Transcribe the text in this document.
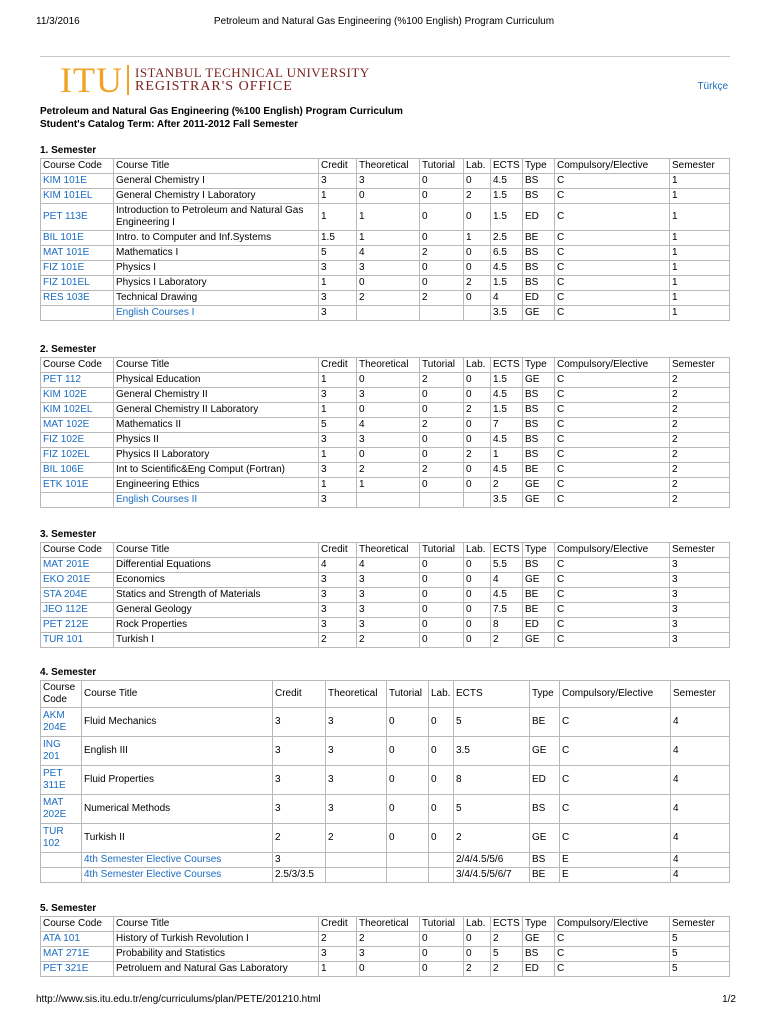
11/3/2016	Petroleum and Natural Gas Engineering (%100 English) Program Curriculum
ITU ISTANBUL TECHNICAL UNIVERSITY
REGISTRAR'S OFFICE	Türkçe
Petroleum and Natural Gas Engineering (%100 English) Program Curriculum
Student's Catalog Term: After 2011-2012 Fall Semester
1. Semester
Course Code	Course Title	Credit	Theoretical	Tutorial	Lab.	ECTS	Type	Compulsory/Elective	Semester
KIM 101E	General Chemistry I	3	3	0	0	4.5	BS	C	1
KIM 101EL	General Chemistry I Laboratory	1	0	0	2	1.5	BS	C	1
PET 113E	Introduction to Petroleum and Natural Gas Engineering I	1	1	0	0	1.5	ED	C	1
BIL 101E	Intro. to Computer and Inf.Systems	1.5	1	0	1	2.5	BE	C	1
MAT 101E	Mathematics I	5	4	2	0	6.5	BS	C	1
FIZ 101E	Physics I	3	3	0	0	4.5	BS	C	1
FIZ 101EL	Physics I Laboratory	1	0	0	2	1.5	BS	C	1
RES 103E	Technical Drawing	3	2	2	0	4	ED	C	1
	English Courses I	3				3.5	GE	C	1
2. Semester
Course Code	Course Title	Credit	Theoretical	Tutorial	Lab.	ECTS	Type	Compulsory/Elective	Semester
PET 112	Physical Education	1	0	2	0	1.5	GE	C	2
KIM 102E	General Chemistry II	3	3	0	0	4.5	BS	C	2
KIM 102EL	General Chemistry II Laboratory	1	0	0	2	1.5	BS	C	2
MAT 102E	Mathematics II	5	4	2	0	7	BS	C	2
FIZ 102E	Physics II	3	3	0	0	4.5	BS	C	2
FIZ 102EL	Physics II Laboratory	1	0	0	2	1	BS	C	2
BIL 106E	Int to Scientific&Eng Comput (Fortran)	3	2	2	0	4.5	BE	C	2
ETK 101E	Engineering Ethics	1	1	0	0	2	GE	C	2
	English Courses II	3				3.5	GE	C	2
3. Semester
Course Code	Course Title	Credit	Theoretical	Tutorial	Lab.	ECTS	Type	Compulsory/Elective	Semester
MAT 201E	Differential Equations	4	4	0	0	5.5	BS	C	3
EKO 201E	Economics	3	3	0	0	4	GE	C	3
STA 204E	Statics and Strength of Materials	3	3	0	0	4.5	BE	C	3
JEO 112E	General Geology	3	3	0	0	7.5	BE	C	3
PET 212E	Rock Properties	3	3	0	0	8	ED	C	3
TUR 101	Turkish I	2	2	0	0	2	GE	C	3
4. Semester
Course
Code	Course Title	Credit	Theoretical	Tutorial	Lab.	ECTS	Type	Compulsory/Elective	Semester
AKM 204E	Fluid Mechanics	3	3	0	0	5	BE	C	4
ING 201	English III	3	3	0	0	3.5	GE	C	4
PET 311E	Fluid Properties	3	3	0	0	8	ED	C	4
MAT 202E	Numerical Methods	3	3	0	0	5	BS	C	4
TUR 102	Turkish II	2	2	0	0	2	GE	C	4
	4th Semester Elective Courses	3				2/4/4.5/5/6	BS	E	4
	4th Semester Elective Courses	2.5/3/3.5				3/4/4.5/5/6/7	BE	E	4
5. Semester
Course Code	Course Title	Credit	Theoretical	Tutorial	Lab.	ECTS	Type	Compulsory/Elective	Semester
ATA 101	History of Turkish Revolution I	2	2	0	0	2	GE	C	5
MAT 271E	Probability and Statistics	3	3	0	0	5	BS	C	5
PET 321E	Petroluem and Natural Gas Laboratory	1	0	0	2	2	ED	C	5
http://www.sis.itu.edu.tr/eng/curriculums/plan/PETE/201210.html	1/2
